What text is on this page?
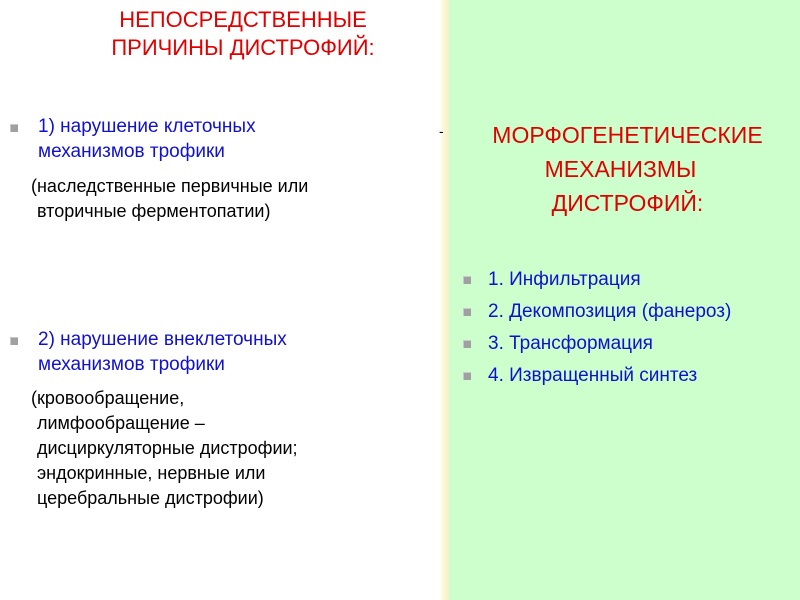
НЕПОСРЕДСТВЕННЫЕ
ПРИЧИНЫ ДИСТРОФИЙ:
1) нарушение клеточных
механизмов трофики
(наследственные первичные или
вторичные ферментопатии)
2) нарушение внеклеточных
механизмов трофики
(кровообращение,
лимфообращение –
дисциркуляторные дистрофии;
эндокринные, нервные или
церебральные дистрофии)
-	МОРФОГЕНЕТИЧЕСКИЕ
МЕХАНИЗМЫ
ДИСТРОФИЙ:
1. Инфильтрация
2. Декомпозиция (фанероз)
3. Трансформация
4. Извращенный синтез
